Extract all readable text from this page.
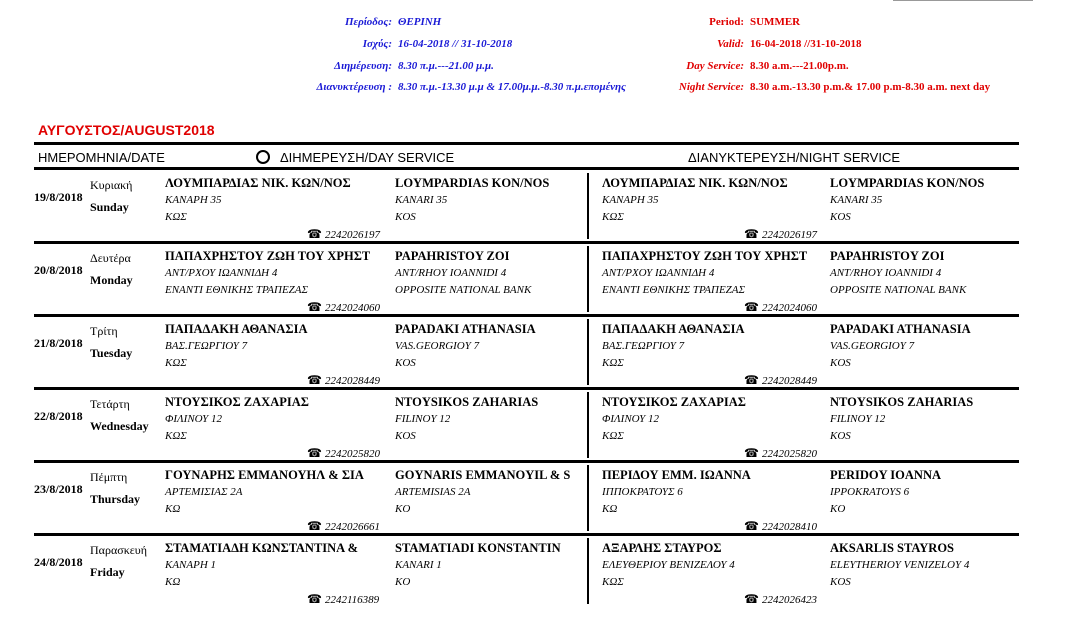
Περίοδος: ΘΕΡΙΝΗ
Ισχύς: 16-04-2018 // 31-10-2018
Διημέρευση: 8.30 π.μ.---21.00 μ.μ.
Διανυκτέρευση : 8.30 π.μ.-13.30 μ.μ & 17.00μ.μ.-8.30 π.μ.επομένης
Period: SUMMER
Valid: 16-04-2018 //31-10-2018
Day Service: 8.30 a.m.---21.00p.m.
Night Service: 8.30 a.m.-13.30 p.m.& 17.00 p.m-8.30 a.m. next day
ΑΥΓΟΥΣΤΟΣ/AUGUST2018
ΗΜΕΡΟΜΗΝΙΑ/DATE	ΔΙΗΜΕΡΕΥΣΗ/DAY SERVICE	ΔΙΑΝΥΚΤΕΡΕΥΣΗ/NIGHT SERVICE
19/8/2018
Κυριακή
Sunday
ΛΟΥΜΠΑΡΔΙΑΣ ΝΙΚ. ΚΩΝ/ΝΟΣ
ΚΑΝΑΡΗ 35
ΚΩΣ
LOYMPARDIAS KON/NOS
KANARI 35
KOS
☎ 2242026197
ΛΟΥΜΠΑΡΔΙΑΣ ΝΙΚ. ΚΩΝ/ΝΟΣ
ΚΑΝΑΡΗ 35
ΚΩΣ
LOYMPARDIAS KON/NOS
KANARI 35
KOS
☎ 2242026197
20/8/2018
Δευτέρα
Monday
ΠΑΠΑΧΡΗΣΤΟΥ ΖΩΗ ΤΟΥ ΧΡΗΣΤ
ΑΝΤ/ΡΧΟΥ ΙΩΑΝΝΙΔΗ 4
ΕΝΑΝΤΙ ΕΘΝΙΚΗΣ ΤΡΑΠΕΖΑΣ
PAPAHRISTOY ZOI
ANT/RHOY IOANNIDI 4
OPPOSITE NATIONAL BANK
☎ 2242024060
ΠΑΠΑΧΡΗΣΤΟΥ ΖΩΗ ΤΟΥ ΧΡΗΣΤ
ΑΝΤ/ΡΧΟΥ ΙΩΑΝΝΙΔΗ 4
ΕΝΑΝΤΙ ΕΘΝΙΚΗΣ ΤΡΑΠΕΖΑΣ
PAPAHRISTOY ZOI
ANT/RHOY IOANNIDI 4
OPPOSITE NATIONAL BANK
☎ 2242024060
21/8/2018
Τρίτη
Tuesday
ΠΑΠΑΔΑΚΗ ΑΘΑΝΑΣΙΑ
ΒΑΣ.ΓΕΩΡΓΙΟΥ 7
ΚΩΣ
PAPADAKI ATHANASIA
VAS.GEORGIOY 7
KOS
☎ 2242028449
ΠΑΠΑΔΑΚΗ ΑΘΑΝΑΣΙΑ
ΒΑΣ.ΓΕΩΡΓΙΟΥ 7
ΚΩΣ
PAPADAKI ATHANASIA
VAS.GEORGIOY 7
KOS
☎ 2242028449
22/8/2018
Τετάρτη
Wednesday
ΝΤΟΥΣΙΚΟΣ ΖΑΧΑΡΙΑΣ
ΦΙΛΙΝΟΥ 12
ΚΩΣ
NTOYSIKOS ZAHARIAS
FILINOY 12
KOS
☎ 2242025820
ΝΤΟΥΣΙΚΟΣ ΖΑΧΑΡΙΑΣ
ΦΙΛΙΝΟΥ 12
ΚΩΣ
NTOYSIKOS ZAHARIAS
FILINOY 12
KOS
☎ 2242025820
23/8/2018
Πέμπτη
Thursday
ΓΟΥΝΑΡΗΣ ΕΜΜΑΝΟΥΗΛ & ΣΙΑ
ΑΡΤΕΜΙΣΙΑΣ 2Α
ΚΩ
GOYNARIS EMMANOYIL & S
ARTEMISIAS 2A
KO
☎ 2242026661
ΠΕΡΙΔΟΥ ΕΜΜ. ΙΩΑΝΝΑ
ΙΠΠΟΚΡΑΤΟΥΣ 6
ΚΩ
PERIDOY IOANNA
IPPOKRATOYS 6
KO
☎ 2242028410
24/8/2018
Παρασκευή
Friday
ΣΤΑΜΑΤΙΑΔΗ ΚΩΝΣΤΑΝΤΙΝΑ &
ΚΑΝΑΡΗ 1
ΚΩ
STAMATIADI KONSTANTIN
KANARI 1
KO
☎ 2242116389
ΑΞΑΡΛΗΣ ΣΤΑΥΡΟΣ
ΕΛΕΥΘΕΡΙΟΥ ΒΕΝΙΖΕΛΟΥ 4
ΚΩΣ
AKSARLIS STAYROS
ELEYTHERIOY VENIZELOY 4
KOS
☎ 2242026423
